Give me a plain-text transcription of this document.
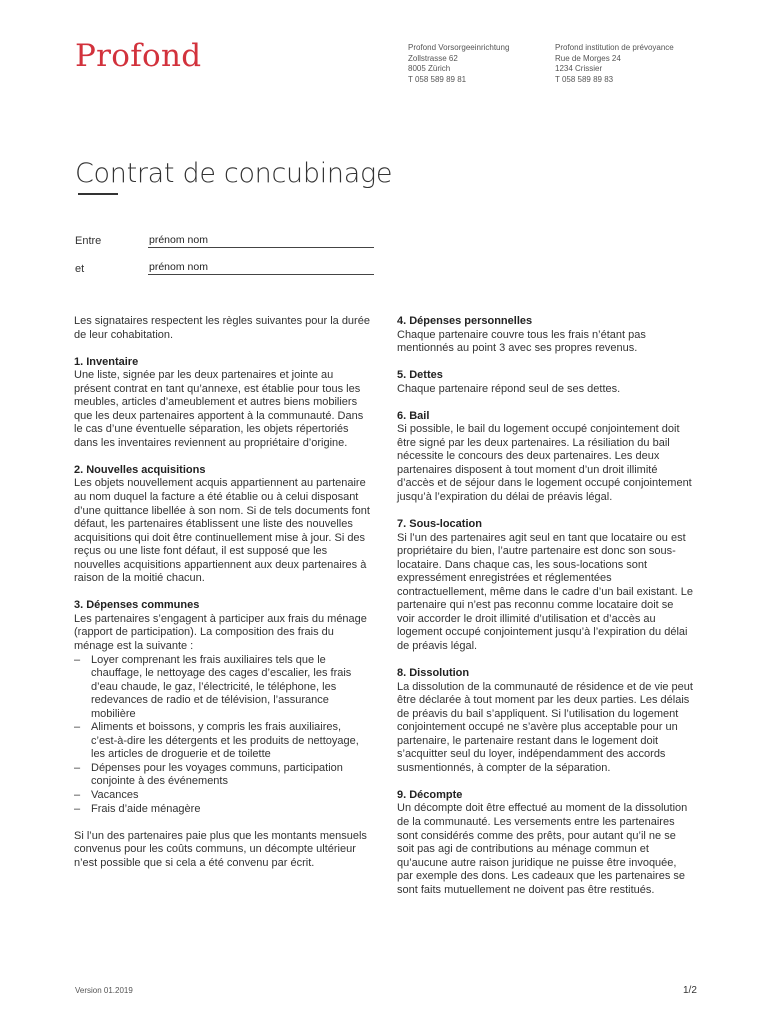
Profond	Profond Vorsorgeeinrichtung
Zollstrasse 62
8005 Zürich
T 058 589 89 81
Profond institution de prévoyance
Rue de Morges 24
1234 Crissier
T 058 589 89 83
Contrat de concubinage
Entre	prénom nom
et	prénom nom

Les signataires respectent les règles suivantes pour la durée de leur cohabitation.

1. Inventaire

Une liste, signée par les deux partenaires et jointe au présent contrat en tant qu’annexe, est établie pour tous les meubles, articles d’ameublement et autres biens mobiliers que les deux partenaires apportent à la communauté. Dans le cas d’une éventuelle séparation, les objets répertoriés dans les inventaires reviennent au propriétaire d’origine.

2. Nouvelles acquisitions

Les objets nouvellement acquis appartiennent au partenaire au nom duquel la facture a été établie ou à celui disposant d’une quittance libellée à son nom. Si de tels documents font défaut, les partenaires établissent une liste des nouvelles acquisitions qui doit être continuellement mise à jour. Si des reçus ou une liste font défaut, il est supposé que les nouvelles acquisitions appartiennent aux deux partenaires à raison de la moitié chacun.

3. Dépenses communes

Les partenaires s’engagent à participer aux frais du ménage (rapport de participation). La composition des frais du ménage est la suivante :

– Loyer comprenant les frais auxiliaires tels que le chauffage, le nettoyage des cages d’escalier, les frais d’eau chaude, le gaz, l’électricité, le téléphone, les redevances de radio et de télévision, l’assurance mobilière
– Aliments et boissons, y compris les frais auxiliaires, c’est-à-dire les détergents et les produits de nettoyage, les articles de droguerie et de toilette
– Dépenses pour les voyages communs, participation conjointe à des événements
– Vacances
– Frais d’aide ménagère

Si l’un des partenaires paie plus que les montants mensuels convenus pour les coûts communs, un décompte ultérieur n’est possible que si cela a été convenu par écrit.

4. Dépenses personnelles

Chaque partenaire couvre tous les frais n’étant pas mentionnés au point 3 avec ses propres revenus.

5. Dettes

Chaque partenaire répond seul de ses dettes.

6. Bail

Si possible, le bail du logement occupé conjointement doit être signé par les deux partenaires. La résiliation du bail nécessite le concours des deux partenaires. Les deux partenaires disposent à tout moment d’un droit illimité d’accès et de séjour dans le logement occupé conjointement jusqu’à l’expiration du délai de préavis légal.

7. Sous-location

Si l’un des partenaires agit seul en tant que locataire ou est propriétaire du bien, l’autre partenaire est donc son sous-locataire. Dans chaque cas, les sous-locations sont expressément enregistrées et réglementées contractuellement, même dans le cadre d’un bail existant. Le partenaire qui n’est pas reconnu comme locataire doit se voir accorder le droit illimité d’utilisation et d’accès au logement occupé conjointement jusqu’à l’expiration du délai de préavis légal.

8. Dissolution

La dissolution de la communauté de résidence et de vie peut être déclarée à tout moment par les deux parties. Les délais de préavis du bail s’appliquent. Si l’utilisation du logement conjointement occupé ne s’avère plus acceptable pour un partenaire, le partenaire restant dans le logement doit s’acquitter seul du loyer, indépendamment des accords susmentionnés, à compter de la séparation.

9. Décompte

Un décompte doit être effectué au moment de la dissolution de la communauté. Les versements entre les partenaires sont considérés comme des prêts, pour autant qu’il ne se soit pas agi de contributions au ménage commun et qu’aucune autre raison juridique ne puisse être invoquée, par exemple des dons. Les cadeaux que les partenaires se sont faits mutuellement ne doivent pas être restitués.

Version 01.2019	1/2
